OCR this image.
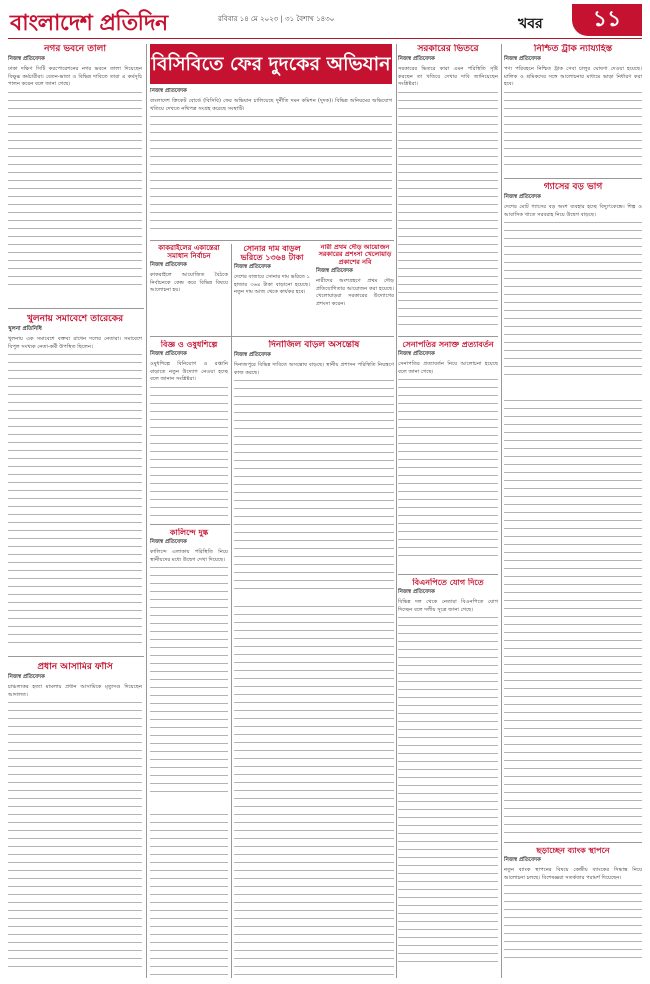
বাংলাদেশ প্রতিদিন	রবিবার ১৪ মে ২০২৩ | ৩১ বৈশাখ ১৪৩০	খবর	১১
নগর ভবনে তালা
নিজস্ব প্রতিবেদক
ঢাকা দক্ষিণ সিটি করপোরেশনের নগর ভবনে তালা দিয়েছেন বিক্ষুব্ধ কর্মচারীরা। বেতন-ভাতা ও বিভিন্ন দাবিতে তারা এ কর্মসূচি পালন করেন বলে জানা গেছে।
বিসিবিতে ফের দুদকের অভিযান
নিজস্ব প্রতিবেদক
বাংলাদেশ ক্রিকেট বোর্ডে (বিসিবি) ফের অভিযান চালিয়েছে দুর্নীতি দমন কমিশন (দুদক)। বিভিন্ন অনিয়মের অভিযোগ খতিয়ে দেখতে নথিপত্র সংগ্রহ করেছে সংস্থাটি।
সরকারের ভিতরে
নিজস্ব প্রতিবেদক
সরকারের ভিতরে কারা এমন পরিস্থিতি সৃষ্টি করছেন তা খতিয়ে দেখার দাবি জানিয়েছেন সংশ্লিষ্টরা।
নিশ্চিত ট্রাক ন্যায্যহিস্ত
নিজস্ব প্রতিবেদক
পণ্য পরিবহনে নিশ্চিত ট্রাক সেবা চালুর ঘোষণা দেওয়া হয়েছে। মালিক ও শ্রমিকদের সঙ্গে আলোচনার মাধ্যমে ভাড়া নির্ধারণ করা হবে।
গ্যাসের বড় ভাগ
নিজস্ব প্রতিবেদক
দেশের মোট গ্যাসের বড় অংশ ব্যবহার হচ্ছে বিদ্যুৎকেন্দ্রে। শিল্প ও আবাসিক খাতে সরবরাহ নিয়ে উদ্বেগ বাড়ছে।
কাকরাইলের একান্তেরা সমাধান নির্বাচন
নিজস্ব প্রতিবেদক
কাকরাইলে আয়োজিত বৈঠকে নির্বাচনকে কেন্দ্র করে বিভিন্ন বিষয়ে আলোচনা হয়।
সোনার দাম বাড়ল ভরিতে ১৩৬৪ টাকা
নিজস্ব প্রতিবেদক
দেশের বাজারে সোনার দাম ভরিতে ১ হাজার ৩৬৪ টাকা বাড়ানো হয়েছে। নতুন দাম আজ থেকে কার্যকর হবে।
নারী প্রথম দৌড় আয়োজন সরকারের প্রশংসা খেলোয়াড় প্রকাশের নবি
নিজস্ব প্রতিবেদক
নারীদের অংশগ্রহণে প্রথম দৌড় প্রতিযোগিতার আয়োজন করা হয়েছে। খেলোয়াড়রা সরকারের উদ্যোগের প্রশংসা করেন।
খুলনায় সমাবেশে তারেকের
খুলনা প্রতিনিধি
খুলনায় এক সমাবেশে বক্তব্য রাখেন দলের নেতারা। সমাবেশে বিপুল সংখ্যক নেতা-কর্মী উপস্থিত ছিলেন।	বিজ্ঞ ও ওষুধশিল্পে
নিজস্ব প্রতিবেদক
ওষুধশিল্পে বিনিয়োগ ও রপ্তানি বাড়াতে নতুন উদ্যোগ নেওয়া হচ্ছে বলে জানান সংশ্লিষ্টরা।
দিনাজিল বাড়ল অসন্তোষ
নিজস্ব প্রতিবেদক
দিনাজপুরে বিভিন্ন দাবিতে অসন্তোষ বাড়ছে। স্থানীয় প্রশাসন পরিস্থিতি নিয়ন্ত্রণে কাজ করছে।
সেনাপতির সনাক্ত প্রত্যাবর্তন
নিজস্ব প্রতিবেদক
সেনাপতির প্রত্যাবর্তন নিয়ে আলোচনা হয়েছে বলে জানা গেছে।
কালিন্দে দুষ্ক
নিজস্ব প্রতিবেদক
কালিন্দে এলাকায় পরিস্থিতি নিয়ে স্থানীয়দের মধ্যে উদ্বেগ দেখা দিয়েছে।
বিএনপিতে যোগ দিতে
নিজস্ব প্রতিবেদক
বিভিন্ন দল থেকে নেতারা বিএনপিতে যোগ দিচ্ছেন বলে দলীয় সূত্রে জানা গেছে।
প্রধান আসামির ফাঁসি
নিজস্ব প্রতিবেদক
চাঞ্চল্যকর হত্যা মামলায় প্রধান আসামিকে মৃত্যুদণ্ড দিয়েছেন আদালত।
ছড়াচ্ছেন ব্যাংক স্থাপনে
নিজস্ব প্রতিবেদক
নতুন ব্যাংক স্থাপনের বিষয়ে কেন্দ্রীয় ব্যাংকের সিদ্ধান্ত নিয়ে আলোচনা চলছে। বিশেষজ্ঞরা সতর্কতার পরামর্শ দিয়েছেন।
